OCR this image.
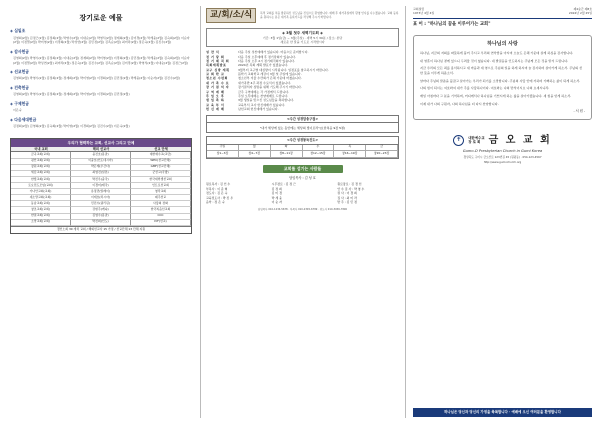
장기로운 예물
◈ 십일조
김영희(2월) 김정근(2월) 김정희(2월) 박영수(2월) 이대순(2월) 박영식(2월) 정재희(2월) 김미경(2월) 박세웅(2월) 김숙희(2월) 이순자(2월) 이정열(2월) 박미영(2월) 이경희(2월) 박성연(2월) 김민정(2월) 김옥순(2월) 최미라(2월) 정은숙(2월) 김진수(2월)
◈ 감사헌금
김영희(2월) 박영수(2월) 김정희(2월) 이대순(2월) 정재희(2월) 박미영(2월) 이경희(2월) 김민정(2월) 박세웅(2월) 김숙희(2월) 이순자(2월) 이정열(2월) 박성연(2월) 최미라(2월) 정은숙(2월) 김진수(2월) 김옥순(2월) 김미경(2월) 박영식(2월) 이대순(2월) 김정근(2월)
◈ 선교헌금
김영희(2월) 박영수(2월) 김정희(2월) 정재희(2월) 박미영(2월) 이경희(2월) 김민정(2월) 박세웅(2월) 이순자(2월) 김진수(2월)
◈ 건축헌금
김영희(2월) 박영수(2월) 김정희(2월) 정재희(2월) 박미영(2월) 이경희(2월) 김민정(2월)
◈ 구제헌금
이은숙
◈ 다음세대헌금
김정희(2월) 김영희(2월) 김숙희(2월) 박미영(2월) 이경희(2월) 김진수(2월) 이은숙(2월)
우리가 협력하는 교회, 선교사 그리고 단체
국내 교회	해외 선교사	선교 단체
금곡교회(교회)	윤진호(몽골)	대한예수교(교단)
평안교회(교회)	이중호(인도네시아)	WEC(선교단체)
장원교회(교회)	박은재(우간다)	GMF(선교단체)
세림교회(교회)	최영진(일본)	군선교(국방)
한빛교회(교회)	박진우(중국)	한국대학생선교회
토요전도모임(교회)	이경미(태국)	인트로선교회
가나안교회(교회)	유정민(말레이)	영락교회
새소망교회(교회)	이재호(러시아)	제주선교
동남교회(교회)	민진수(필리핀)	사랑의 전화
창조교회(교회)	강현주(케냐)	한국복음선교회
한결교회(교회)	김영수(몽골)	CCC
소망교회(교회)	박진희(인도)	IVF(선교)
경인노회 30 개처 교회 / 해외선교사 15 가정 / 선교단체 13 단체 지원
교/회/소/식	목적 교회를 처음 방문하신 성도님을 진심으로 환영합니다. 예배 후 새가족실에서 환영 인사를 나누겠습니다. 교회 등록을 원하시는 분은 새가족 등록카드를 작성해 주시기 바랍니다.
◈ 3월 첫주 새벽기도회 ◈
기간: 3월 1일(금) ~ 3월(주일) · 새벽 5시 30분 / 장소: 본당
새로운 한 달을 기도로 시작합시다
성 찬 식	다음 주일 성찬예배가 있습니다. 마음으로 준비합시다.
정 기 당 회	다음 주일 오후예배 후 정기당회가 있습니다.
정 기 제 직 회	다음 주일 오후 2시 정기제직회가 있습니다.
목회계획발표	2024년 목회 계획 발표가 있겠습니다.
교구 심방 계획	3월부터 교구별 대심방이 시작됩니다. 일정표를 참고하시기 바랍니다.
교 회 학 교	봄학기 교회학교 개강이 3월 첫 주일에 있습니다.
청소년 수련회	청소년부 겨울 수련회가 은혜 가운데 마쳤습니다.
새 가 족 수 료	새가족반 4주 과정 수료식이 있겠습니다.
장 기 결 석 자	장기결석자 심방을 위해 기도해 주시기 바랍니다.
구 역 예 배	금주 구역예배는 각 가정에서 드립니다.
주 일 오 후	주일 오후예배는 찬양예배로 드립니다.
생 일 축 하	3월 생일을 맞으신 성도님들을 축하합니다.
교 육 부 서	교육부서 교사 헌신예배가 있습니다.
헌 신 예 배	남선교회 헌신예배가 있습니다.
<주간 성경암송구절>
"내가 세상에 있는 동안에는 세상의 빛이로라"(요한복음 9장 5절)
<주간 성경통독진도>
주일	월	화	수	목	금
창1~3장	창4~7장	창8~11장	창12~15장	창16~19장	창20~23장
교회를 섬기는 사람들
담임목사 : 김 성 호
원로목사 : 김 인 수	시무장로 : 김 정 근	원로장로 : 김 경 선
부목사 : 이 준 혁	김 정 희	안 수 집 사 : 박 영 수
전도사 : 김 은 숙	김 미 경	권 사 : 이 경 희
교육전도사 : 박 진 우	박 세 웅	집 사 : 최 미 라
음악 : 정 은 숙	이 순 자	반 주 : 김 민 정
담임목사 010-1234-5678 · 부목사 010-2345-6789 · 전도사 010-3456-7890
교회설립
1973년 4월 4일
제4승간 제8호
2024년 2월 25일
표 어 : "하나님의 꿈을 이루어가는 교회"
하나님의 사랑

하나님, 지금의 저희를 따뜻하게 품어 주시고 우리의 연약함을 아시며 오늘도 은혜 가운데 살게 하심을 감사합니다.

내 영혼이 하나님 곁에 있으니 두려울 것이 없습니다. 내 발걸음을 인도하시는 주님께 모든 것을 맡겨 드립니다.

지금 우리의 모든 죄를 용서하시고 새 마음과 새 영으로 주님의 일을 하게 하시며 늘 감사하며 살아가게 하소서. 주님의 선한 뜻을 이루게 하옵소서.

날마다 주님의 말씀을 붙잡고 살아가는 우리가 되기를 소망합니다. 주님의 사랑 안에 거하며 기뻐하는 삶이 되게 하소서.

나의 힘이 되시는 여호와여 내가 주를 사랑하나이다. 여호와는 나의 반석이시요 나의 요새시니라.

매일 아침마다 그 분을 기억하며, 어디에서나 하나님을 기쁘시게 하는 삶을 살아가겠습니다. 새 힘을 얻게 하소서.

이제 내가 나의 구원자, 나의 하나님을 더 다시 찬양합니다.

- 서 원 -
✝	대한예수교
장 로 회 금 오 교 회
Gumo-O Presbyterian Church in Gumi Korea
경상북도 구미시 금오산로 123번길 45 (원평동) · 054-123-4567
http://www.gumochurch.org
하나님은 당신과 당신의 가정을 축복합니다 · 예배에 오신 여러분을 환영합니다
